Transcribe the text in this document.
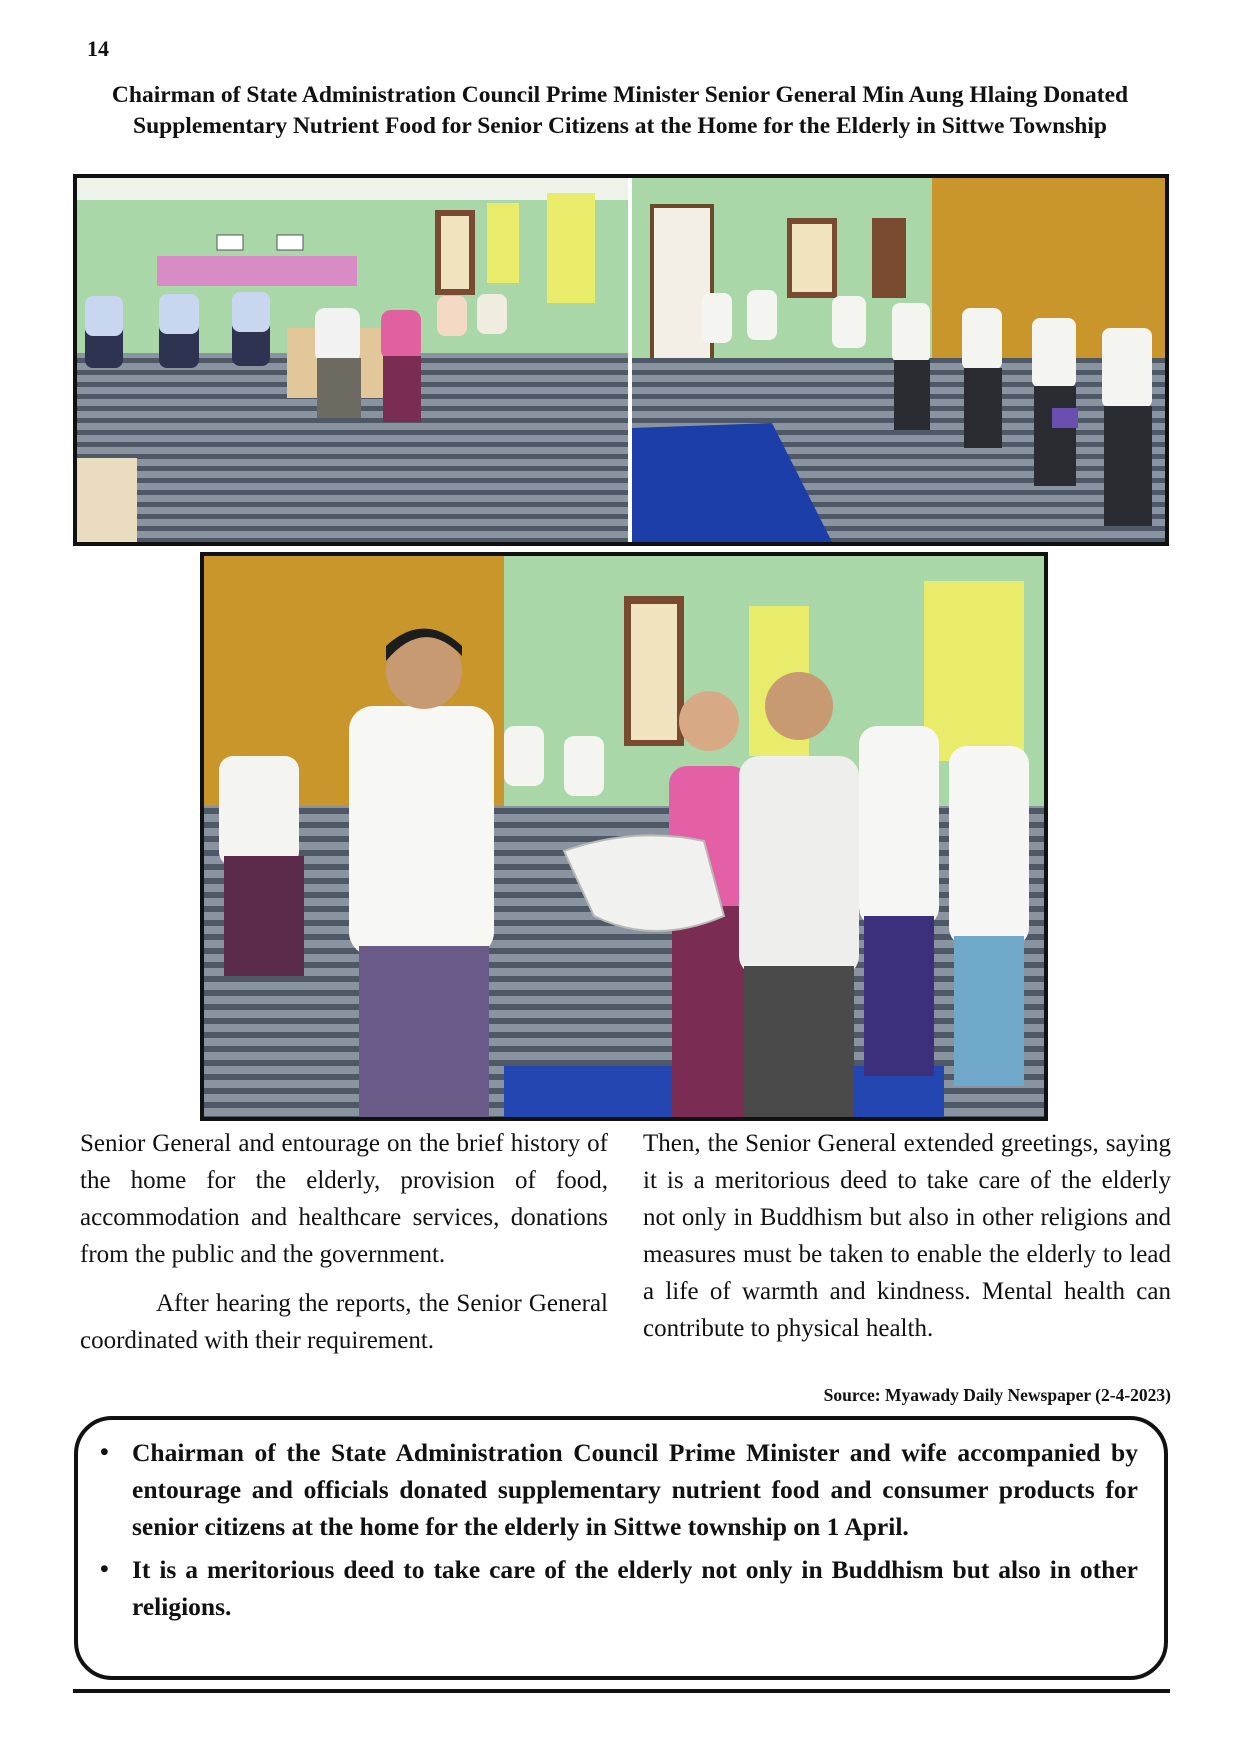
14
Chairman of State Administration Council Prime Minister Senior General Min Aung Hlaing Donated Supplementary Nutrient Food for Senior Citizens at the Home for the Elderly in Sittwe Township

Senior General and entourage on the brief history of the home for the elderly, provision of food, accommodation and healthcare services, donations from the public and the government.

After hearing the reports, the Senior General coordinated with their requirement.

Then, the Senior General extended greetings, saying it is a meritorious deed to take care of the elderly not only in Buddhism but also in other religions and measures must be taken to enable the elderly to lead a life of warmth and kindness. Mental health can contribute to physical health.

Source: Myawady Daily Newspaper (2-4-2023)
• Chairman of the State Administration Council Prime Minister and wife accompanied by entourage and officials donated supplementary nutrient food and consumer products for senior citizens at the home for the elderly in Sittwe township on 1 April.
• It is a meritorious deed to take care of the elderly not only in Buddhism but also in other religions.
